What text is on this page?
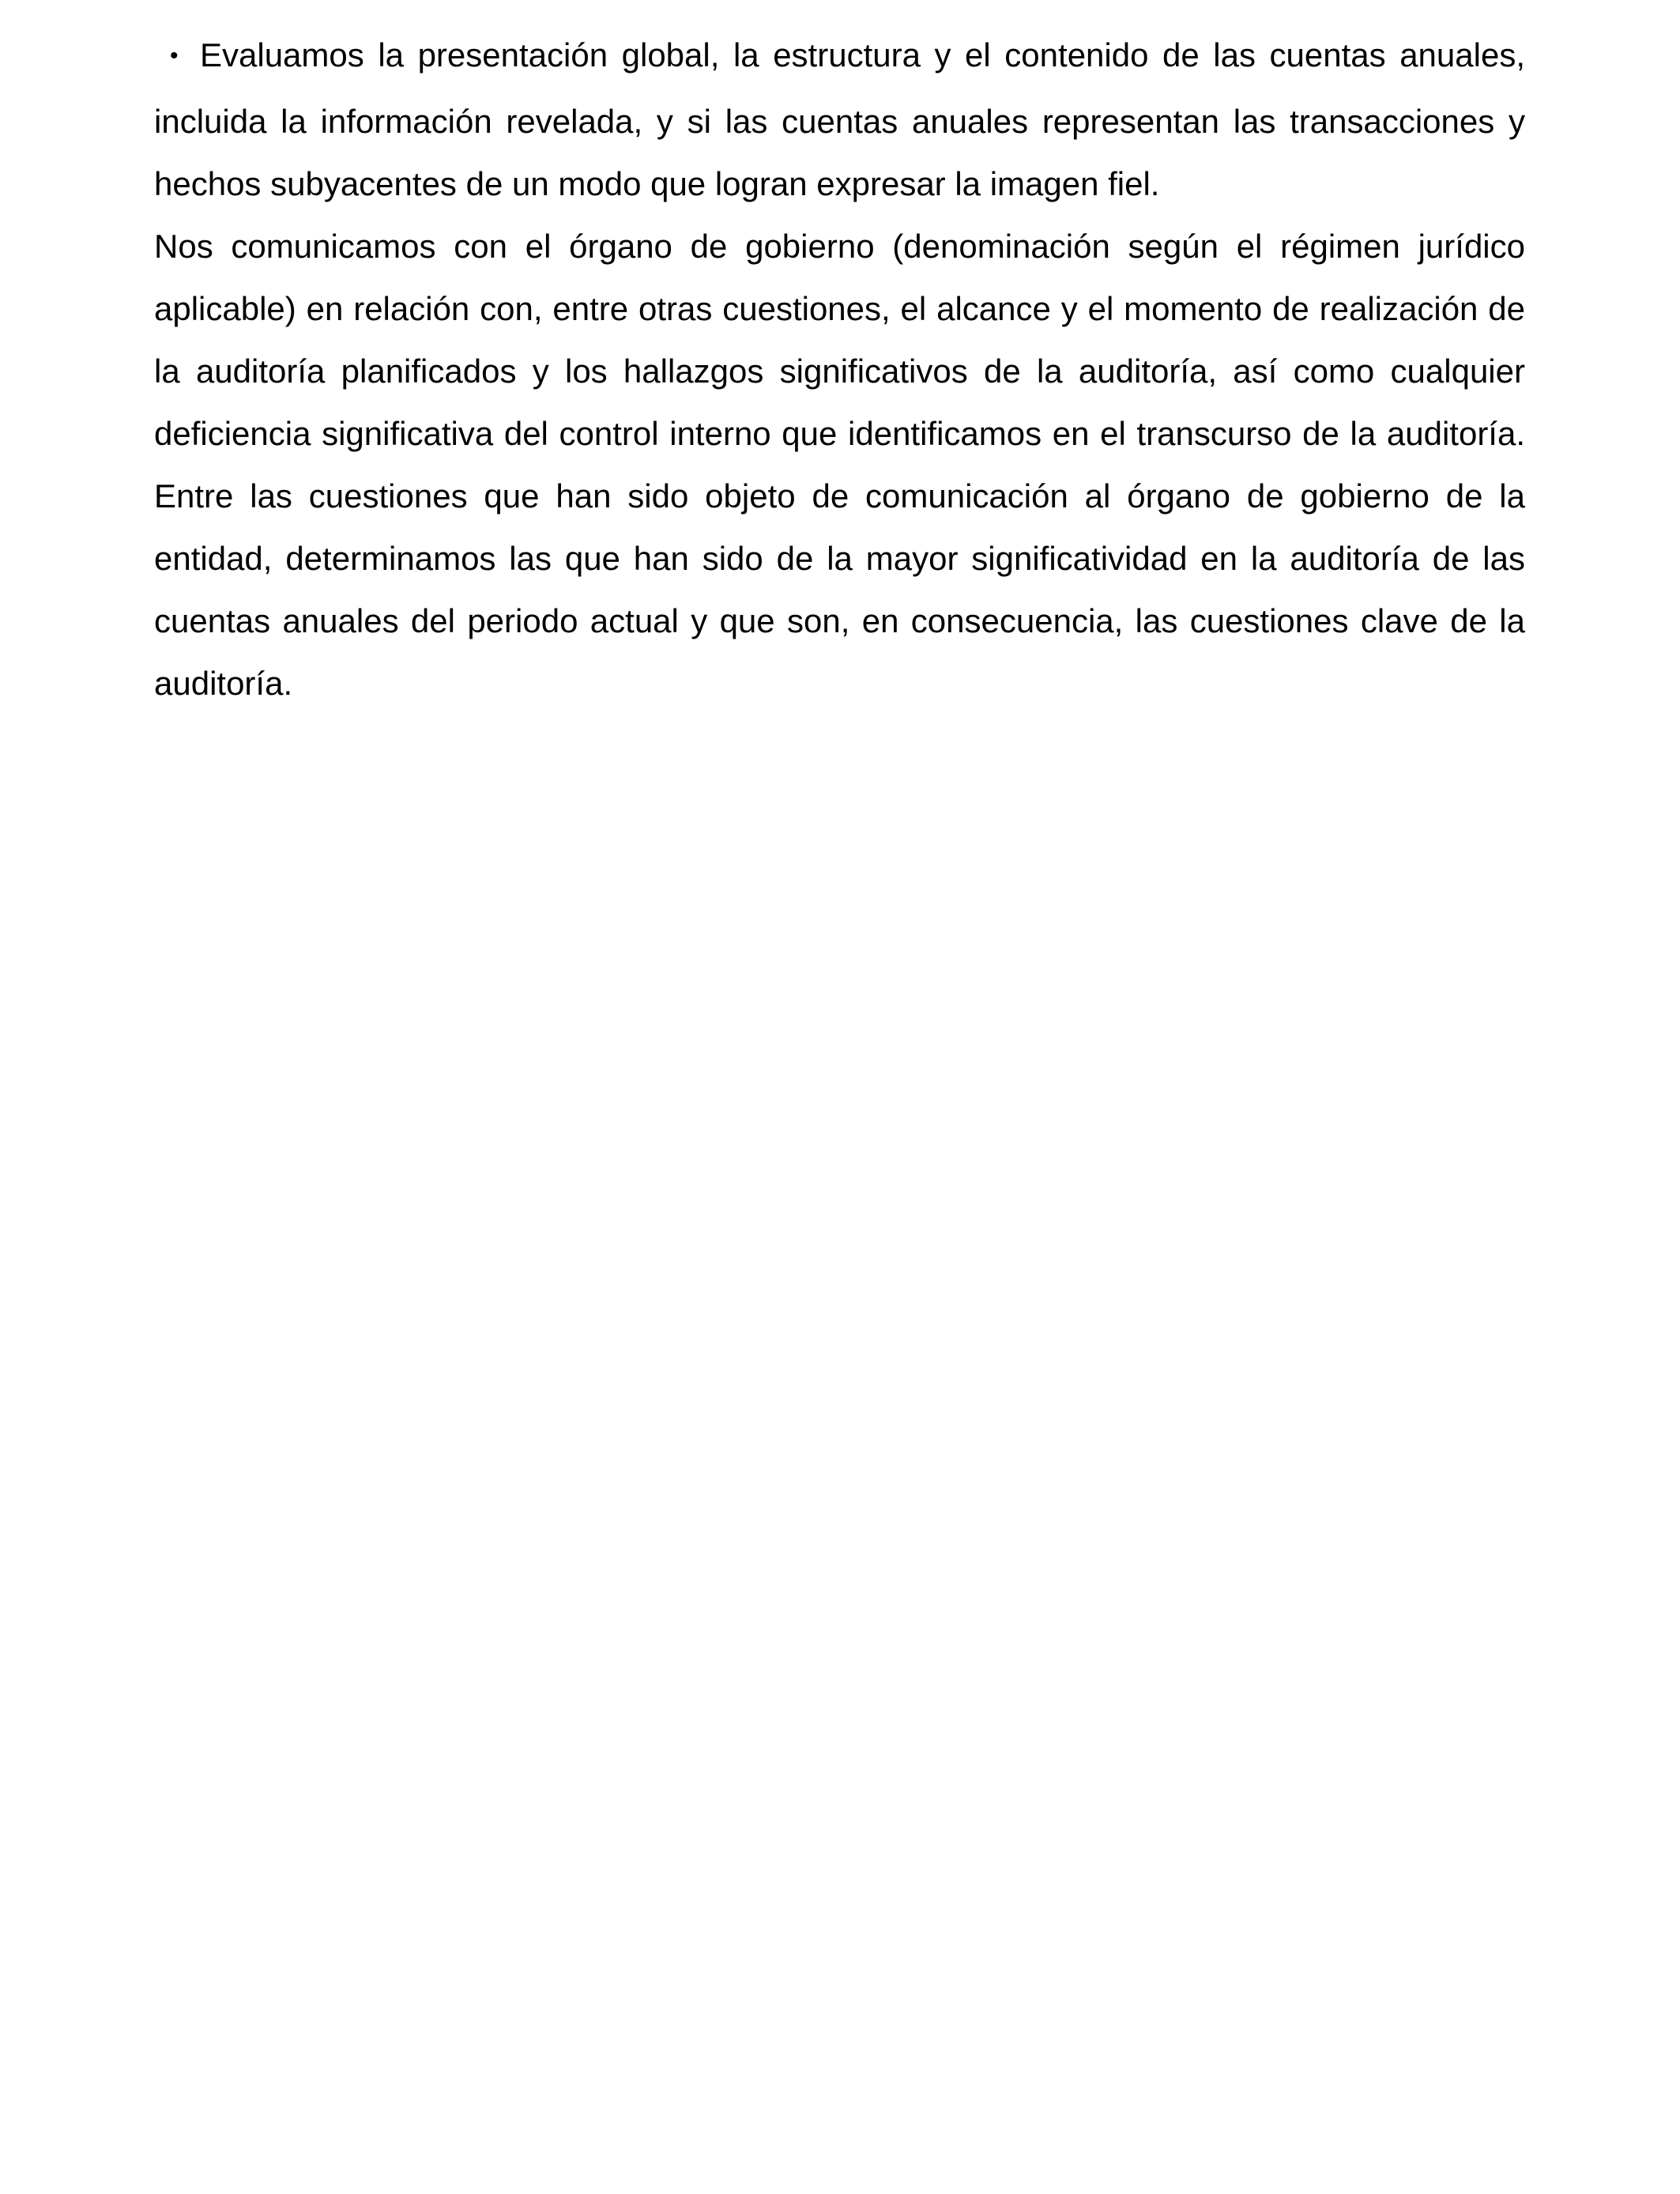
• Evaluamos la presentación global, la estructura y el contenido de las cuentas anuales, incluida la información revelada, y si las cuentas anuales representan las transacciones y hechos subyacentes de un modo que logran expresar la imagen fiel.

Nos comunicamos con el órgano de gobierno (denominación según el régimen jurídico aplicable) en relación con, entre otras cuestiones, el alcance y el momento de realización de la auditoría planificados y los hallazgos significativos de la auditoría, así como cualquier deficiencia significativa del control interno que identificamos en el transcurso de la auditoría. Entre las cuestiones que han sido objeto de comunicación al órgano de gobierno de la entidad, determinamos las que han sido de la mayor significatividad en la auditoría de las cuentas anuales del periodo actual y que son, en consecuencia, las cuestiones clave de la auditoría.
